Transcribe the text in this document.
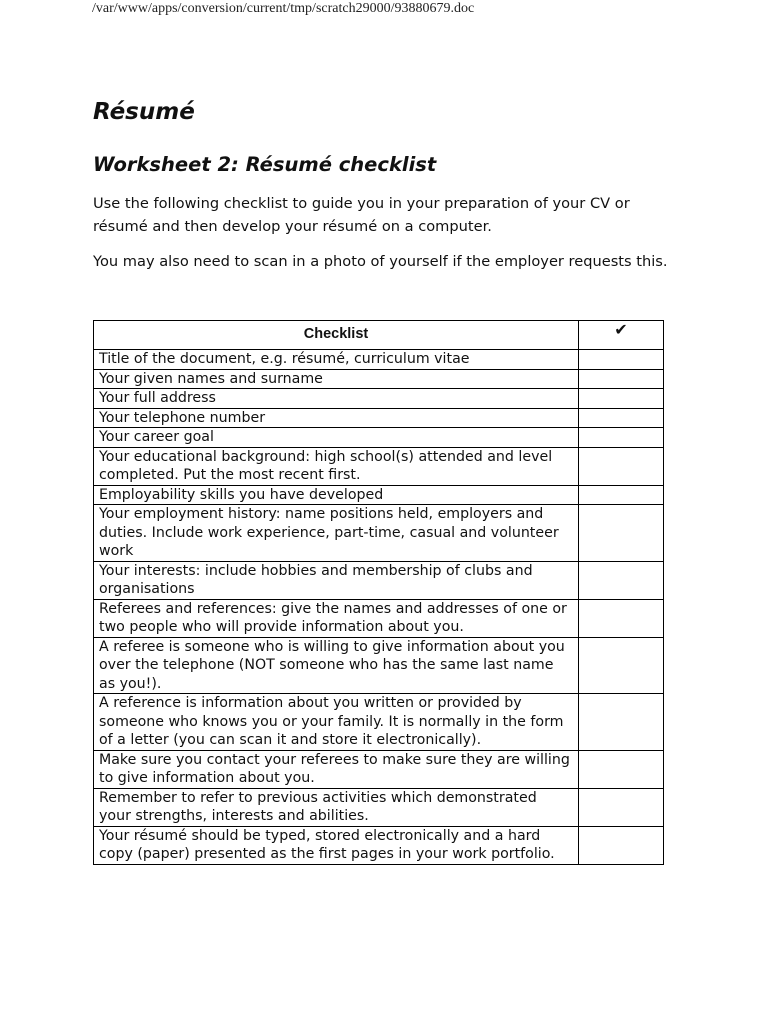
/var/www/apps/conversion/current/tmp/scratch29000/93880679.doc
Résumé
Worksheet 2: Résumé checklist

Use the following checklist to guide you in your preparation of your CV or résumé and then develop your résumé on a computer.

You may also need to scan in a photo of yourself if the employer requests this.

Checklist	✔
Title of the document, e.g. résumé, curriculum vitae	
Your given names and surname	
Your full address	
Your telephone number	
Your career goal	
Your educational background: high school(s) attended and level completed. Put the most recent first.	
Employability skills you have developed	
Your employment history: name positions held, employers and duties. Include work experience, part-time, casual and volunteer work	
Your interests: include hobbies and membership of clubs and organisations	
Referees and references: give the names and addresses of one or two people who will provide information about you.	
A referee is someone who is willing to give information about you over the telephone (NOT someone who has the same last name as you!).	
A reference is information about you written or provided by someone who knows you or your family. It is normally in the form of a letter (you can scan it and store it electronically).	
Make sure you contact your referees to make sure they are willing to give information about you.	
Remember to refer to previous activities which demonstrated your strengths, interests and abilities.	
Your résumé should be typed, stored electronically and a hard copy (paper) presented as the first pages in your work portfolio.	
